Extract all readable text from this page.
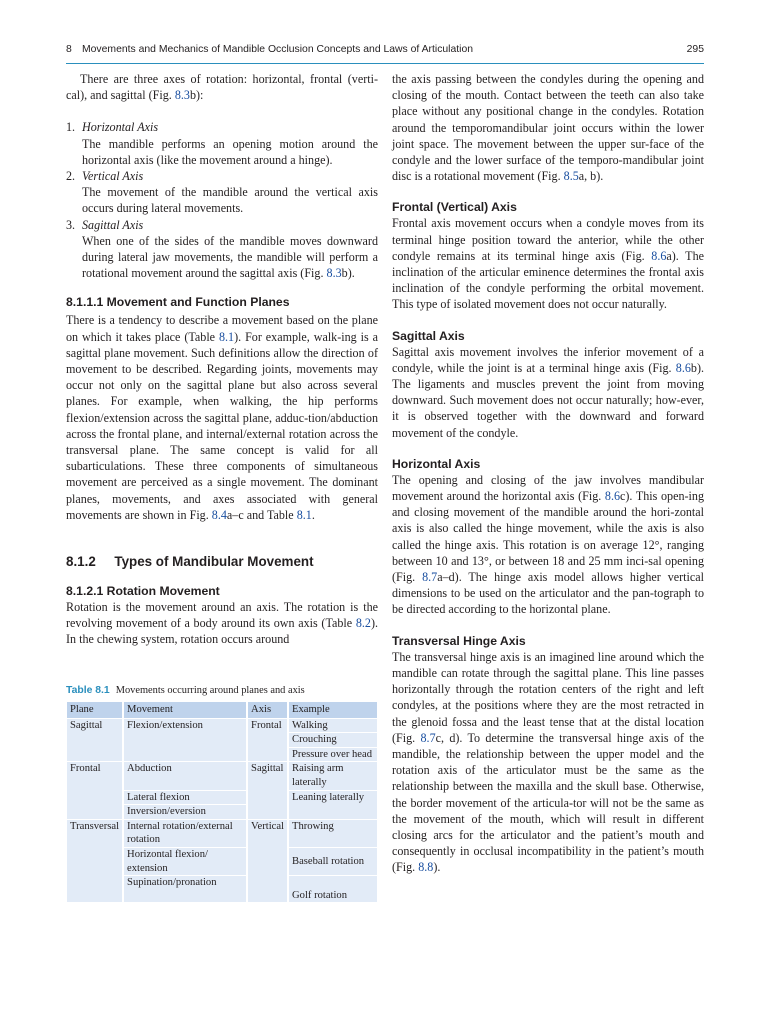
8 Movements and Mechanics of Mandible Occlusion Concepts and Laws of Articulation	295

There are three axes of rotation: horizontal, frontal (verti-cal), and sagittal (Fig. 8.3b):

1. Horizontal Axis

The mandible performs an opening motion around the horizontal axis (like the movement around a hinge).

2. Vertical Axis

The movement of the mandible around the vertical axis occurs during lateral movements.

3. Sagittal Axis

When one of the sides of the mandible moves downward during lateral jaw movements, the mandible will perform a rotational movement around the sagittal axis (Fig. 8.3b).

8.1.1.1 Movement and Function Planes

There is a tendency to describe a movement based on the plane on which it takes place (Table 8.1). For example, walk-ing is a sagittal plane movement. Such definitions allow the direction of movement to be described. Regarding joints, movements may occur not only on the sagittal plane but also across several planes. For example, when walking, the hip performs flexion/extension across the sagittal plane, adduc-tion/abduction across the frontal plane, and internal/external rotation across the transversal plane. The same concept is valid for all subarticulations. These three components of simultaneous movement are perceived as a single movement. The dominant planes, movements, and axes associated with general movements are shown in Fig. 8.4a–c and Table 8.1.

8.1.2     Types of Mandibular Movement
8.1.2.1 Rotation Movement

Rotation is the movement around an axis. The rotation is the revolving movement of a body around its own axis (Table 8.2). In the chewing system, rotation occurs around

Table 8.1 Movements occurring around planes and axis
Plane	Movement	Axis	Example
Sagittal	Flexion/extension	Frontal	Walking
			Crouching
			Pressure over head
Frontal	Abduction	Sagittal	Raising arm laterally
	Lateral flexion		Leaning laterally
	Inversion/eversion		
Transversal	Internal rotation/external rotation	Vertical	Throwing
	Horizontal flexion/ extension		Baseball rotation
	Supination/pronation		Golf rotation

the axis passing between the condyles during the opening and closing of the mouth. Contact between the teeth can also take place without any positional change in the condyles. Rotation around the temporomandibular joint occurs within the lower joint space. The movement between the upper sur-face of the condyle and the lower surface of the temporo-mandibular joint disc is a rotational movement (Fig. 8.5a, b).

Frontal (Vertical) Axis

Frontal axis movement occurs when a condyle moves from its terminal hinge position toward the anterior, while the other condyle remains at its terminal hinge axis (Fig. 8.6a). The inclination of the articular eminence determines the frontal axis inclination of the condyle performing the orbital movement. This type of isolated movement does not occur naturally.

Sagittal Axis

Sagittal axis movement involves the inferior movement of a condyle, while the joint is at a terminal hinge axis (Fig. 8.6b). The ligaments and muscles prevent the joint from moving downward. Such movement does not occur naturally; how-ever, it is observed together with the downward and forward movement of the condyle.

Horizontal Axis

The opening and closing of the jaw involves mandibular movement around the horizontal axis (Fig. 8.6c). This open-ing and closing movement of the mandible around the hori-zontal axis is also called the hinge movement, while the axis is also called the hinge axis. This rotation is on average 12°, ranging between 10 and 13°, or between 18 and 25 mm inci-sal opening (Fig. 8.7a–d). The hinge axis model allows higher vertical dimensions to be used on the articulator and the pan-tograph to be directed according to the horizontal plane.

Transversal Hinge Axis

The transversal hinge axis is an imagined line around which the mandible can rotate through the sagittal plane. This line passes horizontally through the rotation centers of the right and left condyles, at the positions where they are the most retracted in the glenoid fossa and the least tense that at the distal location (Fig. 8.7c, d). To determine the transversal hinge axis of the mandible, the relationship between the upper model and the rotation axis of the articulator must be the same as the relationship between the maxilla and the skull base. Otherwise, the border movement of the articula-tor will not be the same as the movement of the mouth, which will result in different closing arcs for the articulator and the patient’s mouth and consequently in occlusal incompatibility in the patient’s mouth (Fig. 8.8).
